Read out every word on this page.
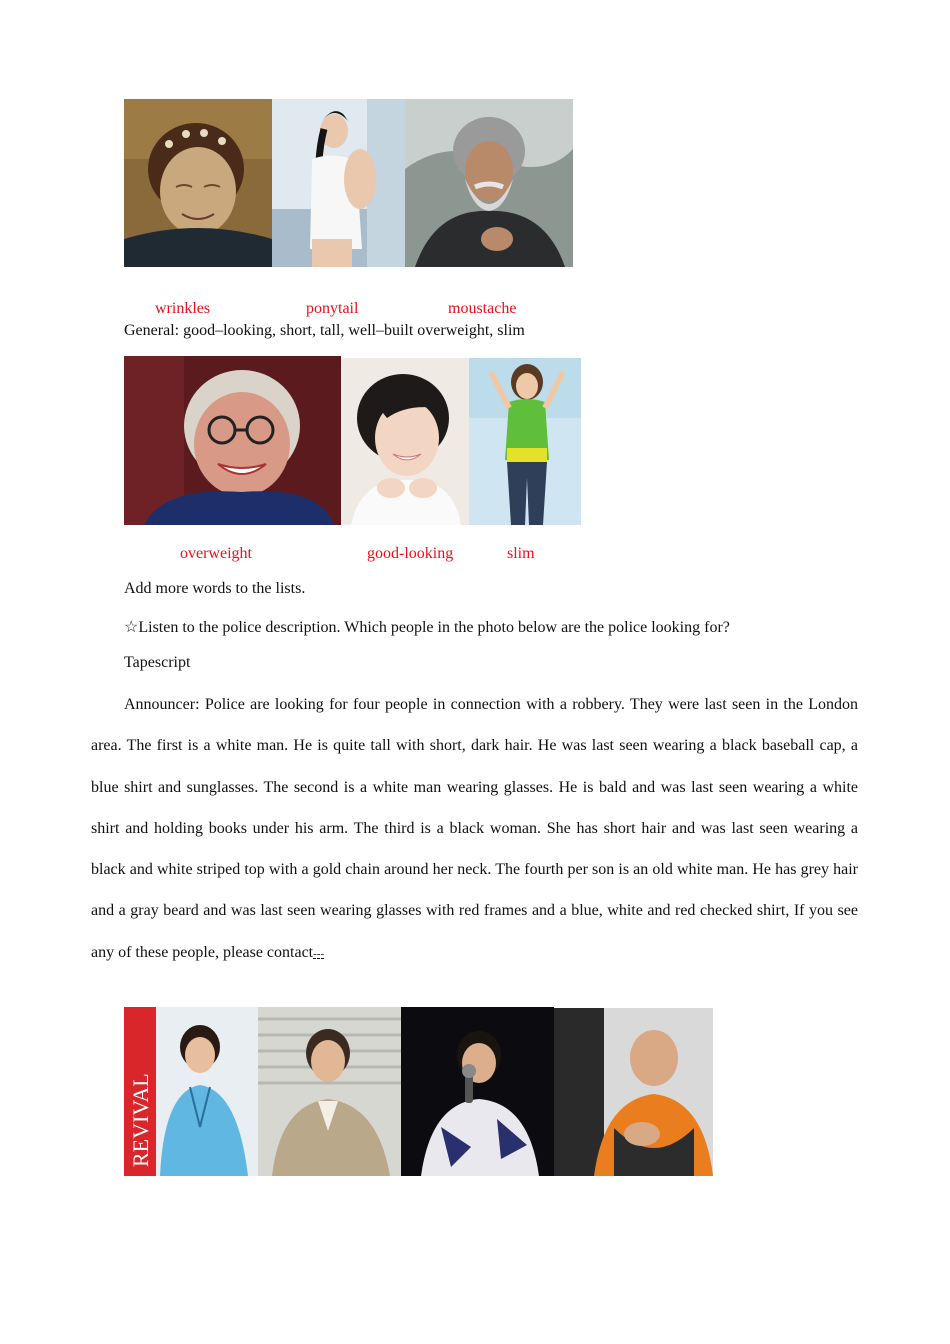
wrinkles	ponytail	moustache
General: good–looking, short, tall, well–built overweight, slim
overweight	good-looking	slim
Add more words to the lists.
☆Listen to the police description. Which people in the photo below are the police looking for?
Tapescript
Announcer: Police are looking for four people in connection with a robbery. They were last seen in the London area. The first is a white man. He is quite tall with short, dark hair. He was last seen wearing a black baseball cap, a blue shirt and sunglasses. The second is a white man wearing glasses. He is bald and was last seen wearing a white shirt and holding books under his arm. The third is a black woman. She has short hair and was last seen wearing a black and white striped top with a gold chain around her neck. The fourth per son is an old white man. He has grey hair and a gray beard and was last seen wearing glasses with red frames and a blue, white and red checked shirt, If you see any of these people, please contact---
REVIVAL
